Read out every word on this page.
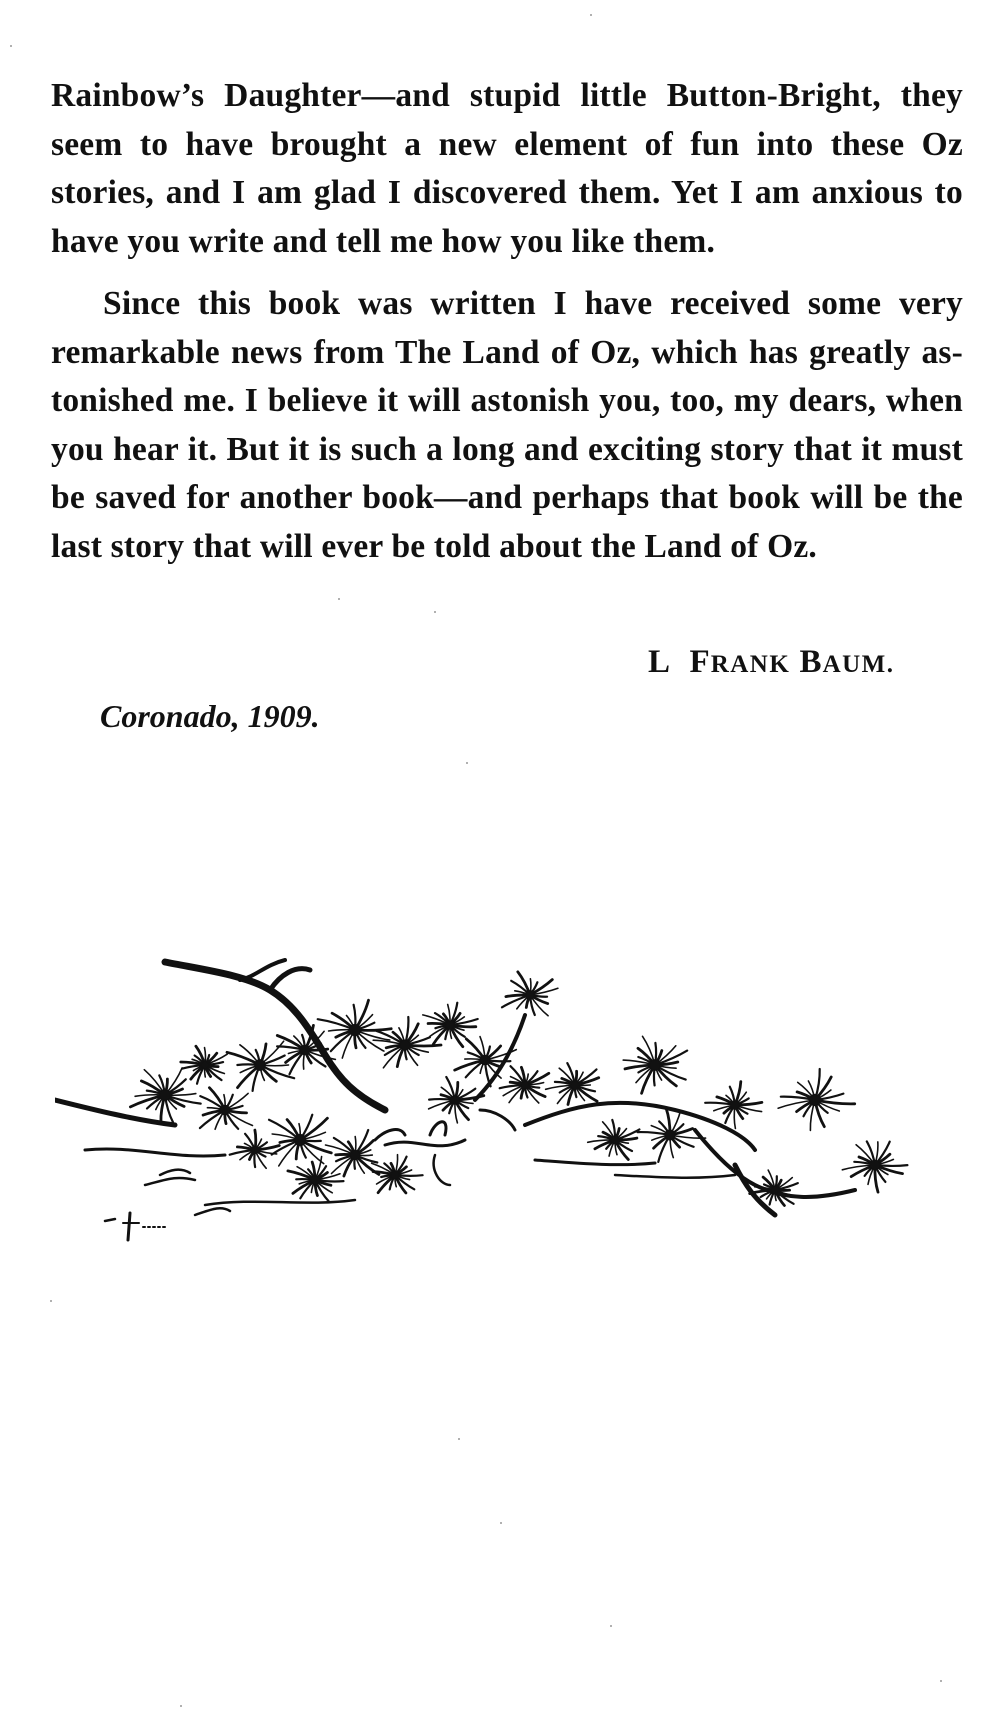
Rainbow’s Daughter—and stupid little Button-Bright, they seem to have brought a new element of fun into these Oz stories, and I am glad I discovered them. Yet I am anxious to have you write and tell me how you like them.

Since this book was written I have received some very remarkable news from The Land of Oz, which has greatly as-tonished me. I believe it will astonish you, too, my dears, when you hear it. But it is such a long and exciting story that it must be saved for another book—and perhaps that book will be the last story that will ever be told about the Land of Oz.

L FRANK BAUM.
Coronado, 1909.
